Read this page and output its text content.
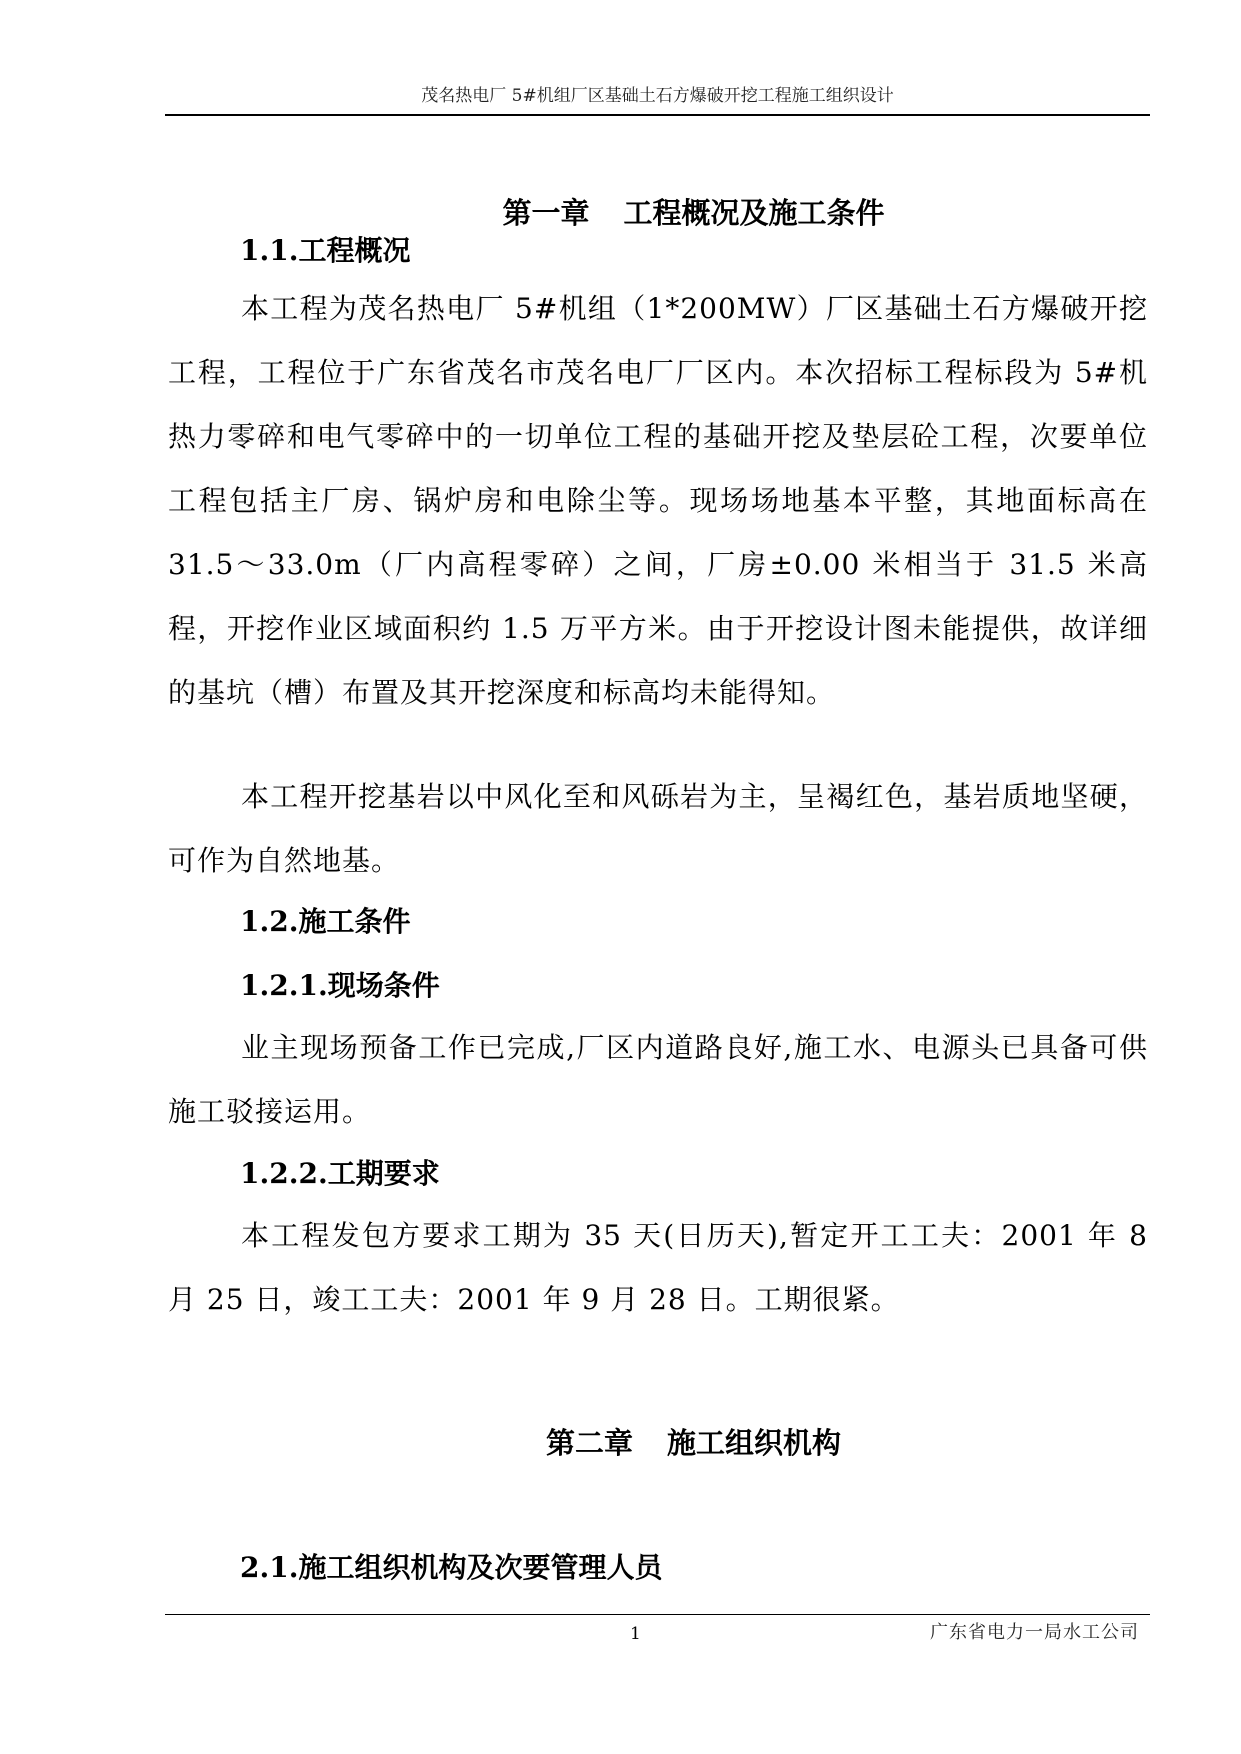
茂名热电厂 5#机组厂区基础土石方爆破开挖工程施工组织设计
第一章 工程概况及施工条件
1.1.工程概况
本工程为茂名热电厂 5#机组（1*200MW）厂区基础土石方爆破开挖工程，工程位于广东省茂名市茂名电厂厂区内。本次招标工程标段为 5#机热力零碎和电气零碎中的一切单位工程的基础开挖及垫层砼工程，次要单位工程包括主厂房、锅炉房和电除尘等。现场场地基本平整，其地面标高在 31.5～33.0m（厂内高程零碎）之间，厂房±0.00 米相当于 31.5 米高程，开挖作业区域面积约 1.5 万平方米。由于开挖设计图未能提供，故详细的基坑（槽）布置及其开挖深度和标高均未能得知。
本工程开挖基岩以中风化至和风砾岩为主，呈褐红色，基岩质地坚硬，可作为自然地基。
1.2.施工条件
1.2.1.现场条件
业主现场预备工作已完成,厂区内道路良好,施工水、电源头已具备可供施工驳接运用。
1.2.2.工期要求
本工程发包方要求工期为 35 天(日历天),暂定开工工夫：2001 年 8 月 25 日，竣工工夫：2001 年 9 月 28 日。工期很紧。
第二章 施工组织机构
2.1.施工组织机构及次要管理人员
1	广东省电力一局水工公司
